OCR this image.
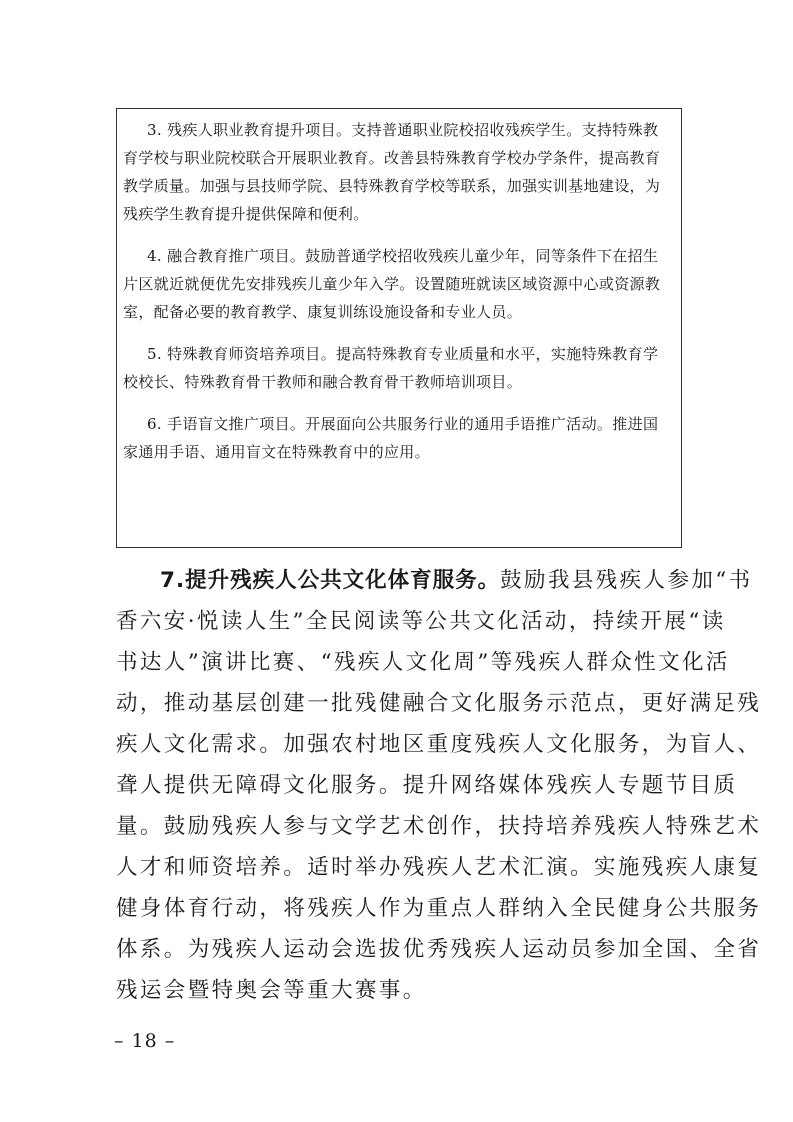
3. 残疾人职业教育提升项目。支持普通职业院校招收残疾学生。支持特殊教
育学校与职业院校联合开展职业教育。改善县特殊教育学校办学条件，提高教育
教学质量。加强与县技师学院、县特殊教育学校等联系，加强实训基地建设，为
残疾学生教育提升提供保障和便利。
4. 融合教育推广项目。鼓励普通学校招收残疾儿童少年，同等条件下在招生
片区就近就便优先安排残疾儿童少年入学。设置随班就读区域资源中心或资源教
室，配备必要的教育教学、康复训练设施设备和专业人员。
5. 特殊教育师资培养项目。提高特殊教育专业质量和水平，实施特殊教育学
校校长、特殊教育骨干教师和融合教育骨干教师培训项目。
6. 手语盲文推广项目。开展面向公共服务行业的通用手语推广活动。推进国
家通用手语、通用盲文在特殊教育中的应用。
7.提升残疾人公共文化体育服务。鼓励我县残疾人参加“书
香六安·悦读人生”全民阅读等公共文化活动，持续开展“读
书达人”演讲比赛、“残疾人文化周”等残疾人群众性文化活
动，推动基层创建一批残健融合文化服务示范点，更好满足残
疾人文化需求。加强农村地区重度残疾人文化服务，为盲人、
聋人提供无障碍文化服务。提升网络媒体残疾人专题节目质
量。鼓励残疾人参与文学艺术创作，扶持培养残疾人特殊艺术
人才和师资培养。适时举办残疾人艺术汇演。实施残疾人康复
健身体育行动，将残疾人作为重点人群纳入全民健身公共服务
体系。为残疾人运动会选拔优秀残疾人运动员参加全国、全省
残运会暨特奥会等重大赛事。
– 18 –
